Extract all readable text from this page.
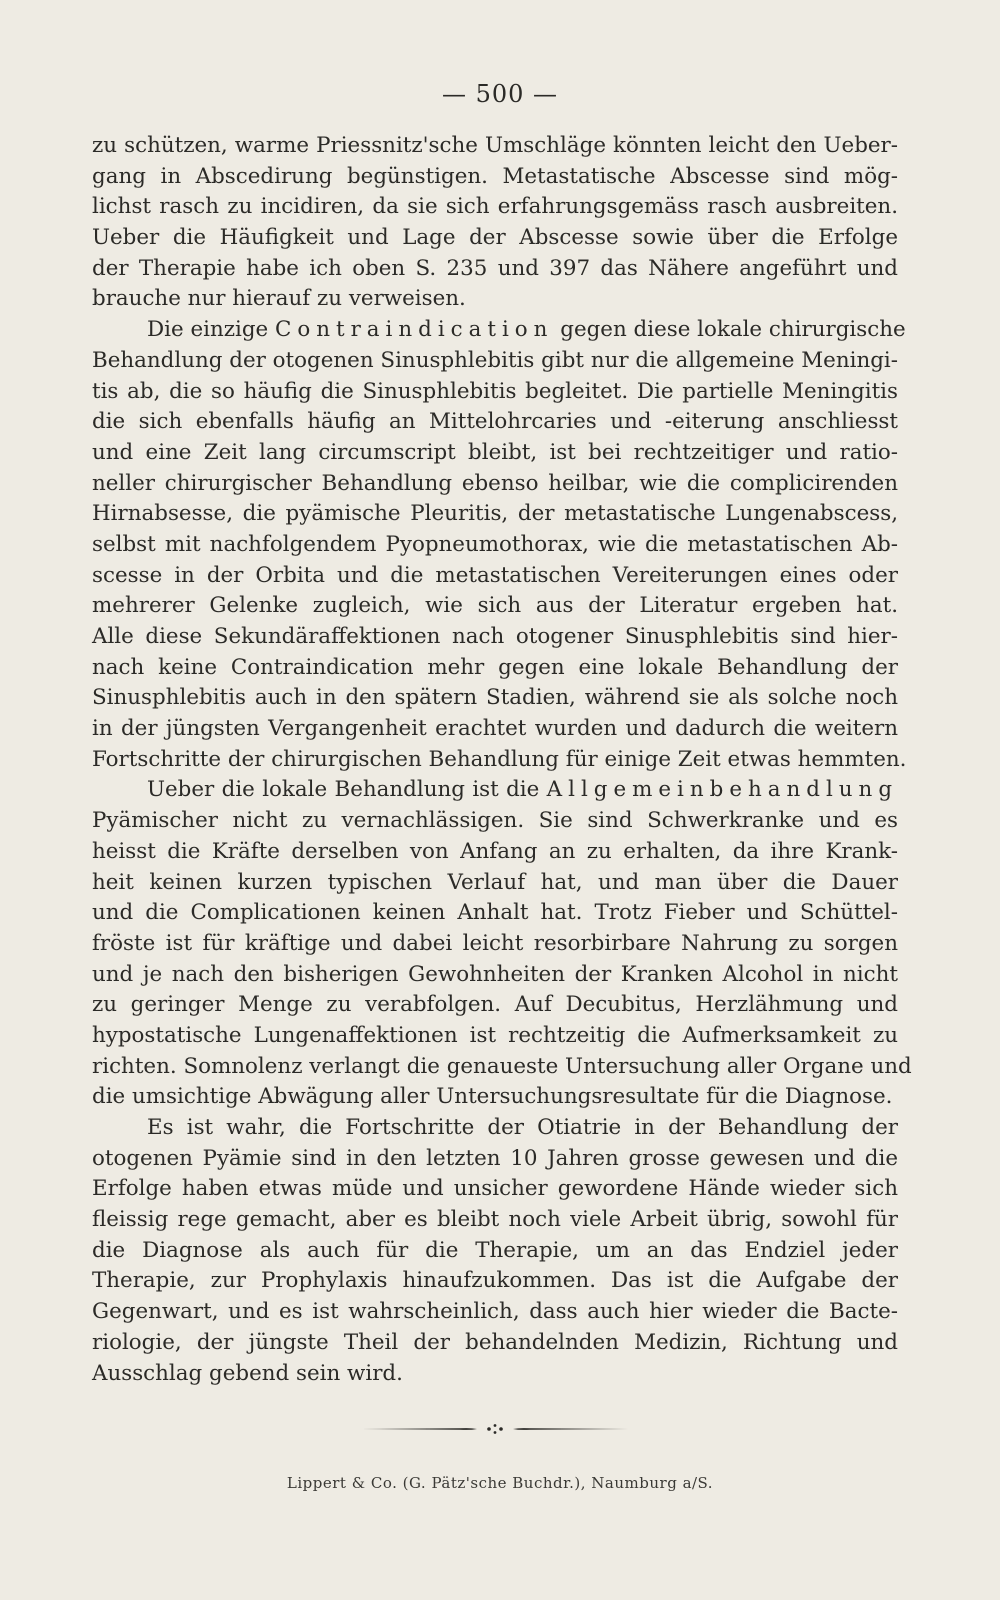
— 500 —
zu schützen, warme Priessnitz'sche Umschläge könnten leicht den Ueber-
gang in Abscedirung begünstigen. Metastatische Abscesse sind mög-
lichst rasch zu incidiren, da sie sich erfahrungsgemäss rasch ausbreiten.
Ueber die Häufigkeit und Lage der Abscesse sowie über die Erfolge
der Therapie habe ich oben S. 235 und 397 das Nähere angeführt und
brauche nur hierauf zu verweisen.
Die einzige Contraindication gegen diese lokale chirurgische
Behandlung der otogenen Sinusphlebitis gibt nur die allgemeine Meningi-
tis ab, die so häufig die Sinusphlebitis begleitet. Die partielle Meningitis
die sich ebenfalls häufig an Mittelohrcaries und -eiterung anschliesst
und eine Zeit lang circumscript bleibt, ist bei rechtzeitiger und ratio-
neller chirurgischer Behandlung ebenso heilbar, wie die complicirenden
Hirnabsesse, die pyämische Pleuritis, der metastatische Lungenabscess,
selbst mit nachfolgendem Pyopneumothorax, wie die metastatischen Ab-
scesse in der Orbita und die metastatischen Vereiterungen eines oder
mehrerer Gelenke zugleich, wie sich aus der Literatur ergeben hat.
Alle diese Sekundäraffektionen nach otogener Sinusphlebitis sind hier-
nach keine Contraindication mehr gegen eine lokale Behandlung der
Sinusphlebitis auch in den spätern Stadien, während sie als solche noch
in der jüngsten Vergangenheit erachtet wurden und dadurch die weitern
Fortschritte der chirurgischen Behandlung für einige Zeit etwas hemmten.
Ueber die lokale Behandlung ist die Allgemeinbehandlung
Pyämischer nicht zu vernachlässigen. Sie sind Schwerkranke und es
heisst die Kräfte derselben von Anfang an zu erhalten, da ihre Krank-
heit keinen kurzen typischen Verlauf hat, und man über die Dauer
und die Complicationen keinen Anhalt hat. Trotz Fieber und Schüttel-
fröste ist für kräftige und dabei leicht resorbirbare Nahrung zu sorgen
und je nach den bisherigen Gewohnheiten der Kranken Alcohol in nicht
zu geringer Menge zu verabfolgen. Auf Decubitus, Herzlähmung und
hypostatische Lungenaffektionen ist rechtzeitig die Aufmerksamkeit zu
richten. Somnolenz verlangt die genaueste Untersuchung aller Organe und
die umsichtige Abwägung aller Untersuchungsresultate für die Diagnose.
Es ist wahr, die Fortschritte der Otiatrie in der Behandlung der
otogenen Pyämie sind in den letzten 10 Jahren grosse gewesen und die
Erfolge haben etwas müde und unsicher gewordene Hände wieder sich
fleissig rege gemacht, aber es bleibt noch viele Arbeit übrig, sowohl für
die Diagnose als auch für die Therapie, um an das Endziel jeder
Therapie, zur Prophylaxis hinaufzukommen. Das ist die Aufgabe der
Gegenwart, und es ist wahrscheinlich, dass auch hier wieder die Bacte-
riologie, der jüngste Theil der behandelnden Medizin, Richtung und
Ausschlag gebend sein wird.
Lippert & Co. (G. Pätz'sche Buchdr.), Naumburg a/S.
